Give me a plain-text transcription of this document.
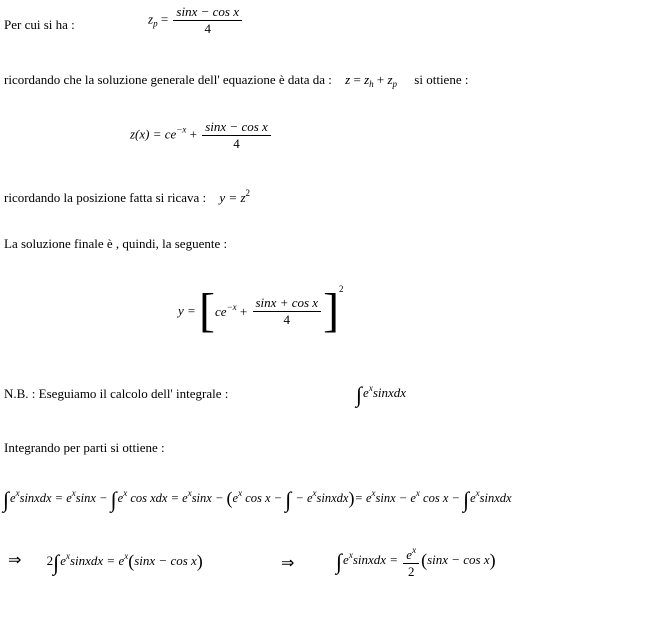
Per cui si ha :	$z_p = \frac{\text{sinx − cos x}}{4}$
ricordando che la soluzione generale dell' equazione è data da : $z = z_h + z_p$ si ottiene :
$z(x) = ce^{-x} + \frac{\text{sinx − cos x}}{4}$
ricordando la posizione fatta si ricava : $y = z^2$
La soluzione finale è , quindi, la seguente :
$y = [ce^{-x} + \frac{\text{sinx + cos x}}{4} ]^2$
N.B. : Eseguiamo il calcolo dell' integrale :	$\int e^xsinxdx$
Integrando per parti si ottiene :
$\int e^xsinxdx = e^x\sin x - \int e^x$ cos xdx = $e^x\sin x - (e^x$ cos x − ∫ − $e^xsinxdx)= e^x\sin x - e^x$ $\cos x - \int e^xsinxdx$
⇒ $2\int e^xsinxdx = e^x(\sin x - \cos x)$	⇒ $\int e^xsinxdx = \frac{e^x}{2} (\sin x - \cos x)$
